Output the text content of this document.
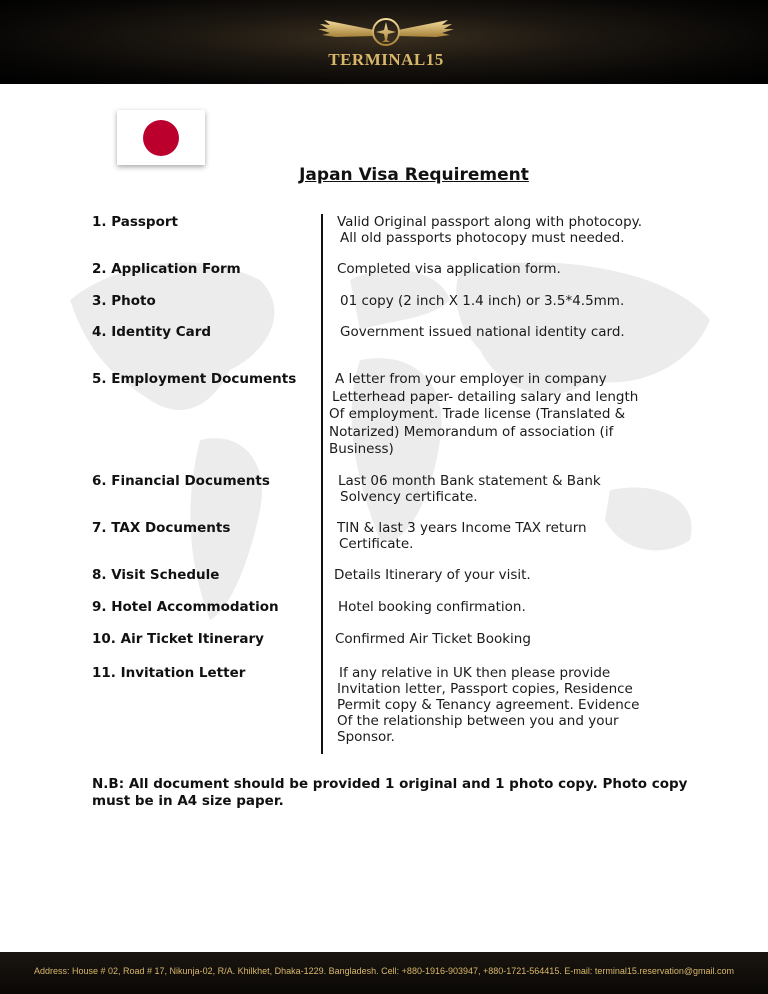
TERMINAL15
Japan Visa Requirement
1. Passport	Valid Original passport along with photocopy.
All old passports photocopy must needed.
2. Application Form	Completed visa application form.
3. Photo	01 copy (2 inch X 1.4 inch) or 3.5*4.5mm.
4. Identity Card	Government issued national identity card.
5. Employment Documents	A letter from your employer in company
Letterhead paper- detailing salary and length
Of employment. Trade license (Translated &
Notarized) Memorandum of association (if
Business)
6. Financial Documents	Last 06 month Bank statement & Bank
Solvency certificate.
7. TAX Documents	TIN & last 3 years Income TAX return
Certificate.
8. Visit Schedule	Details Itinerary of your visit.
9. Hotel Accommodation	Hotel booking confirmation.
10. Air Ticket Itinerary	Confirmed Air Ticket Booking
11. Invitation Letter	If any relative in UK then please provide
Invitation letter, Passport copies, Residence
Permit copy & Tenancy agreement. Evidence
Of the relationship between you and your
Sponsor.
N.B: All document should be provided 1 original and 1 photo copy. Photo copy must be in A4 size paper.
Address: House # 02, Road # 17, Nikunja-02, R/A. Khilkhet, Dhaka-1229. Bangladesh. Cell: +880-1916-903947, +880-1721-564415. E-mail: terminal15.reservation@gmail.com
